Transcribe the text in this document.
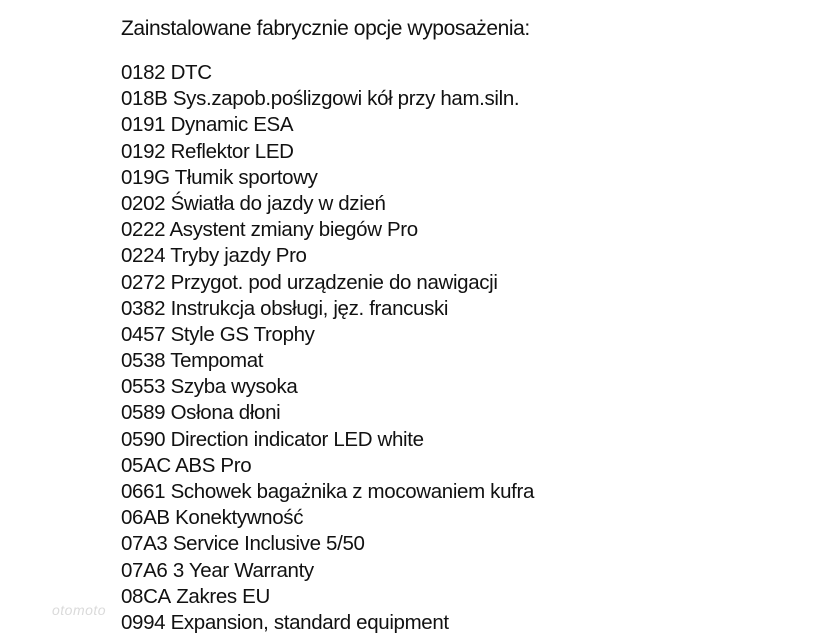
Zainstalowane fabrycznie opcje wyposażenia:
0182 DTC
018B Sys.zapob.poślizgowi kół przy ham.siln.
0191 Dynamic ESA
0192 Reflektor LED
019G Tłumik sportowy
0202 Światła do jazdy w dzień
0222 Asystent zmiany biegów Pro
0224 Tryby jazdy Pro
0272 Przygot. pod urządzenie do nawigacji
0382 Instrukcja obsługi, jęz. francuski
0457 Style GS Trophy
0538 Tempomat
0553 Szyba wysoka
0589 Osłona dłoni
0590 Direction indicator LED white
05AC ABS Pro
0661 Schowek bagażnika z mocowaniem kufra
06AB Konektywność
07A3 Service Inclusive 5/50
07A6 3 Year Warranty
08CA Zakres EU
0994 Expansion, standard equipment
otomoto
